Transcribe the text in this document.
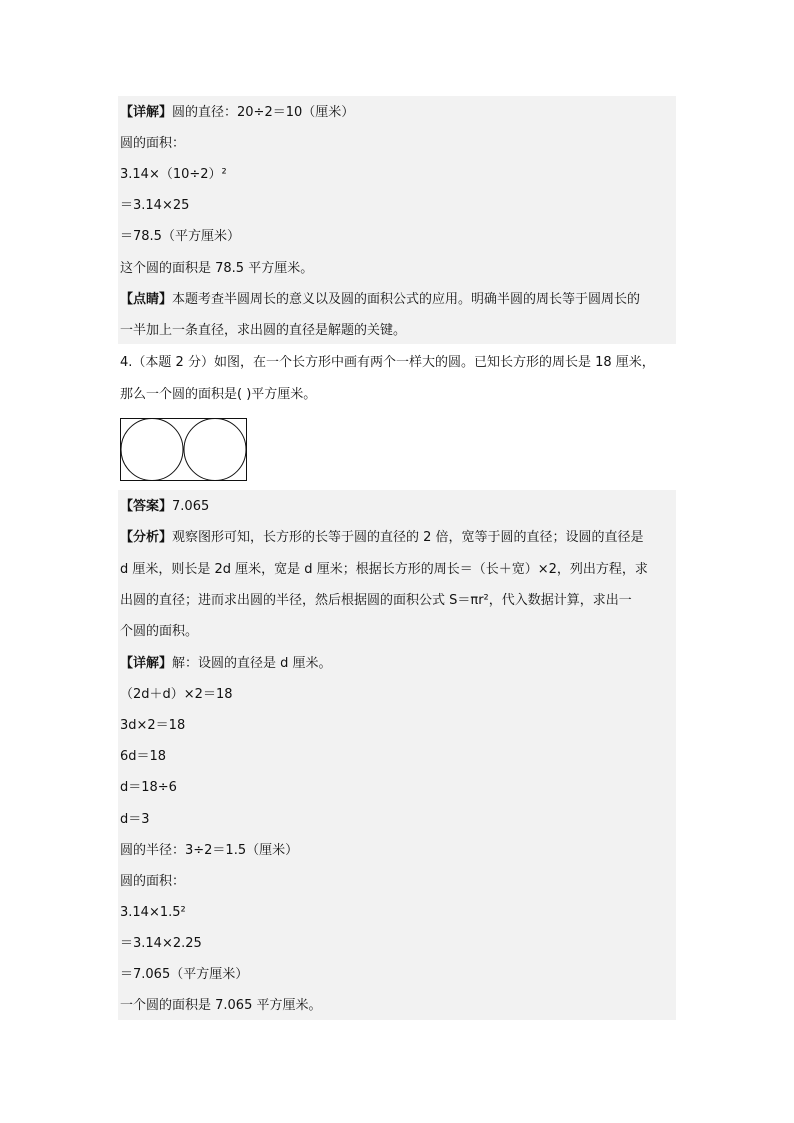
【详解】圆的直径：20÷2＝10（厘米）
圆的面积：
3.14×（10÷2）²
＝3.14×25
＝78.5（平方厘米）
这个圆的面积是 78.5 平方厘米。
【点睛】本题考查半圆周长的意义以及圆的面积公式的应用。明确半圆的周长等于圆周长的
一半加上一条直径，求出圆的直径是解题的关键。
4.（本题 2 分）如图，在一个长方形中画有两个一样大的圆。已知长方形的周长是 18 厘米，
那么一个圆的面积是( )平方厘米。
【答案】7.065
【分析】观察图形可知，长方形的长等于圆的直径的 2 倍，宽等于圆的直径；设圆的直径是
d 厘米，则长是 2d 厘米，宽是 d 厘米；根据长方形的周长＝（长＋宽）×2，列出方程，求
出圆的直径；进而求出圆的半径，然后根据圆的面积公式 S＝πr²，代入数据计算，求出一
个圆的面积。
【详解】解：设圆的直径是 d 厘米。
（2d＋d）×2＝18
3d×2＝18
6d＝18
d＝18÷6
d＝3
圆的半径：3÷2＝1.5（厘米）
圆的面积：
3.14×1.5²
＝3.14×2.25
＝7.065（平方厘米）
一个圆的面积是 7.065 平方厘米。
